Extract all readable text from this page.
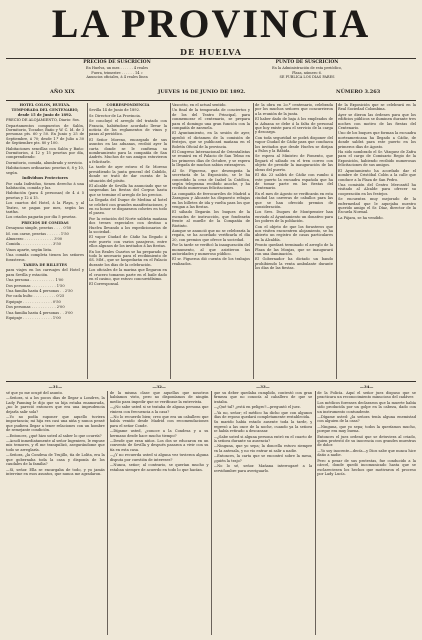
LA PROVINCIA
DE HUELVA
PRECIOS DE SUSCRICION
En Huelva, un mes . . . . . . 4 reales
Fuera, trimestre . . . . . . 14 »
Anuncios oficiales, á 4 reales línea
PUNTO DE SUSCRICION
En la Administración de esta periódico,
Plaza, número 6.
SE PUBLICA LOS DIAS PARES
AÑO XIX	JUEVES 16 DE JUNIO DE 1892.	NÚMERO 3.263

HOTEL COLON, HUELVA.

TEMPORADA DEL CENTENARIO, desde 15 de Junio de 1892.

PRECIO DE ALOJAMIENTO, Diario: 8os.

Departamentos compuestos de Salón, Dormitorio, Tocador, Baño y W. C. Id. de 3 personas pts. 60 y 50. En Junio y 25 de Septiembre, á 70; desde 1.º de Julio a 30 de Septiembre pts. 80 y 100.

Habitaciones sencillas con Salón y Baño: Dormitorios, á 12 y 15 pesetas por día, comprendiendo:

Dormitorio, comida, alumbrado y servicio.

Habitaciones ordinarias: pesetas 6, 8 y 10, según.

Individuos Protectores

Por cada Individuo, tienen derecho á una habitación, comida y luz.

Habitación (para 4 personas) de 4 á 5 pesetas y 12 á 15.

Los cuartos del Hotel, á la Playa, y al Teatro, se pagan por mes, según las tarifas.

Los criados pagarán por día 5 pesetas.

PRECIOS DE COMIDAS

Desayuno simple, pesetas . . . . 0'50

Id. con carne, pesetas . . . . . . 1'50

Almuerzo . . . . . . . . . . . . . 3'00

Comida . . . . . . . . . . . . . . 3'50

Vinos aparte, según lista.

Una comida completa tienen los señores forasteros.

TARIFA DE BILLETES

para viajes en los carruajes del Hotel y para Sevilla y estación.

Una persona . . . . . . . . . . . 1'00

Dos personas . . . . . . . . . . . 1'50

Una familia hasta 4 personas . . 2'50

Por cada bulto . . . . . . . . . . 0'25

Equipaje . . . . . . . . . . . . . 0'50

Dos personas . . . . . . . . . . . 2'00

Una familia hasta 4 personas . . 3'00

Equipaje . . . . . . . . . . . . . 1'00

CORRESPONDENCIA

Sevilla 14 de Junio de 1892.

Sr. Director de La Provincia.

Se concluyó el arreglo del tratado con Francia, habiéndose acordado llevar la noticia de los reglamentos de vinos y pasas al periódico.

El Señor Moreno, encargado de sus asuntos en las aduanas, recibió ayer la carta donde se le confirma su nombramiento para la compañía de San Andrés. Muchos de sus amigos estuvieron a felicitarle.

La tarde de ayer estuvo el Sr. Moreno presidiendo la junta general del Cabildo, donde se trató de dar cuenta de la situación del pósito.

El alcalde de Sevilla ha anunciado que se suspendan las fiestas del Corpus hasta que se termine el arreglo de los precios.

La llegada del Duque de Medina al hotel se celebró con grandes manifestaciones, y en su honor se dispararon cohetes en todo el paseo.

Por la estación del Norte saldrán mañana dos trenes especiales con destino a Huelva llevando a los expedicionarios de la sociedad.

El vapor Ciudad de Cádiz ha llegado á este puerto con varios pasajeros, entre ellos algunos de los invitados á las fiestas.

En los Reales Cuartos se ha preparado ya todo lo necesario para el recibimiento de SS. MM., que se hospedarán en el Palacio durante los días de la celebración.

Los oficiales de la marina que llegaron en el crucero tomaron parte en el baile dado en el casino, que estuvo concurridísimo.

El Corresponsal.

Vascotto, en el actual sentido.

Un final de la temporada de conciertos y de los del Teatro Principal, para conmemorar el centenario, se prepara para el domingo una gran función con la compañía de zarzuela.

El Ayuntamiento, en la sesión de ayer, aprobó el dictamen de la comisión de festejos, que se publicará mañana en el Boletín Oficial de la provincia.

El Congreso Internacional de Orientalistas se reunirá en el Palacio de San Telmo en los primeros días de Octubre, y se espera la llegada de muchos sabios extranjeros.

Al Sr. Figueroa, que desempeña la secretaría de la Exposición, se le ha concedido la cruz de Isabel la Católica, según telegrama recibido anoche, y ha recibido numerosas felicitaciones.

La compañía de ferrocarriles de Madrid a Zaragoza y Alicante ha dispuesto rebajas en los billetes de ida y vuelta para los que vengan a las fiestas.

El sábado llegarán los buques de la escuadra de instrucción, que fondearán frente al muelle de la Compañía de Riotinto.

Aunque se anunció que no se celebraría la regata, se ha acordado verificarla el día 20, con premios que ofrece la sociedad.

Por la tarde se verificó la inauguración del monumento, al que asistieron las autoridades y numeroso público.

El sr. Figueroa dió cuenta de los trabajos realizados.

de la obra en 2o.º centenario, celebrada por los muchos señores que concurrieron a la reunión de la junta.

El haber dado de baja á los empleados de la Aduana se debe á la falta de personal que hoy existe para el servicio de la carga y descarga.

Con toda seguridad se podrá disponer del vapor Ciudad de Cádiz para que conduzca los invitados que desde Huelva se dirijan a Palos y la Rábida.

Se espera al Ministro de Fomento, que llegará el sábado en el tren correo con objeto de presidir la inauguración de las obras del puerto.

El día 23 saldrá de Cádiz con rumbo á este puerto la escuadra española que ha de tomar parte en las fiestas del Centenario.

En el mes de Agosto se verificarán en esta ciudad las carreras de caballos para las que se han ofrecido premios de consideración.

Los Sres. Duques de Montpensier han enviado al Ayuntamiento un donativo para los pobres de la población.

Con el objeto de que los forasteros que nos visiten encuentren alojamiento, se ha abierto un registro de casas particulares en la Alcaldía.

Pronto quedará terminado el arreglo de la Plaza de las Monjas, que se inaugurará con una iluminación.

El Gobernador ha dictado un bando prohibiendo la venta ambulante durante los días de las fiestas.

de la Exposición que se celebrará en la Real Sociedad Colombina.

Ayer se dieron las órdenes para que los edificios públicos se iluminen durante tres noches con motivo de las fiestas del Centenario.

Uno de los buques que forman la escuadra norteamericana ha llegado a Cádiz, de donde saldrá para este puerto en los primeros días de Agosto.

Ha sido nombrado el Sr. Vázquez de Zafra para el cargo de Comisario Regio de la Exposición, habiendo recibido numerosas felicitaciones de sus amigos.

El Ayuntamiento ha acordado dar el nombre de Cristóbal Colón a la calle que conduce a la Plaza de San Pedro.

Una comisión del Centro Mercantil ha visitado al Alcalde para ofrecer su cooperación en los festejos.

Se encuentra muy mejorado de la enfermedad que le aquejaba nuestro querido amigo el Sr. Díaz, director de la Escuela Normal.

La Pájara, se ha vendido.

—31—

sé que yo me ocupé del asunto.

—Señora, si a los pocos días de llegar a Londres, la Lady Fanning le dijo que su hija estaba enamorada, ¿no le pareció entonces que era una imprudencia dejarla salir sola?

—Yo no podía suponer que aquello tuviera importancia; mi hija era casi una niña y nunca pensé que pudiera llegar a tener relaciones con un hombre de semejante condición.

—Entonces, ¿qué hizo usted al saber lo que ocurría?

—Acudí inmediatamente al señor Ingeniero, le expuse mis temores, y él me tranquilizó, asegurándome que todo se arreglaría.

—Señora, ¿la Condesa de Trujillo, tía de Lolita, era la que gobernaba toda la casa y disponía de los caudales de la familia?

—Sí, señor. Ella se encargaba de todo, y yo jamás intervine en esos asuntos, que nunca me agradaron.

—32—

de la misma clase que aquellas que nosotros habíamos visto, pero no disponíamos de ningún medio para impedir que se verificase la entrevista.

—¿No sabe usted si se trataba de alguna persona que viniera con frecuencia a la casa?

—No lo recuerdo bien; creo que era un caballero que había venido desde Madrid con recomendaciones para el señor Conde.

—Dígame usted, ¿conoce a la Condesa y a su hermano desde hace mucho tiempo?

—Desde que eran niños. Los dos se educaron en un convento de Sevilla y después pasaron a vivir con su tía en esta casa.

—¿Y no recuerda usted si alguna vez tuvieron alguna disputa por cuestión de intereses?

—Nunca, señor; al contrario, se querían mucho y estaban siempre de acuerdo en todo lo que hacían.

—33—

que su deber quedaba cumplido, contestó con gran firmeza que no conocía al caballero de que se trataba.

—¿Qué tal? ¿está en peligro?—preguntó el juez.

—Ya no, señor; el médico ha dicho que con algunos días de reposo quedará completamente restablecida.

Su marido había estado ausente toda la tarde, y regresó a las once de la noche, cuando ya la señora se había retirado a descansar.

—¿Sabe usted si alguna persona entró en el cuarto de la señora durante su ausencia?

—Ninguna, que yo sepa; la doncella estuvo siempre en la antesala, y no vio entrar ni salir a nadie.

—Entonces, la carta que se encontró sobre la mesa, ¿quién la trajo?

—No lo sé, señor. Mañana interrogaré a la servidumbre para averiguarlo.

—34—

de la Policía. Aquí el señor juez dispuso que se practicara un reconocimiento minucioso del cadáver.

Los médicos forenses declararon que la muerte había sido producida por un golpe en la cabeza, dado con un instrumento contundente.

—Dígame usted: ¿la señora tenía alguna enemistad con alguien de la casa?

—Ninguna, que yo sepa; todos la queríamos mucho, porque era muy buena.

Entonces el juez ordenó que se detuviera al criado, quien protestó de su inocencia con grandes muestras de dolor.

—Yo soy inocente—decía—y Dios sabe que nunca hice daño a nadie.

Pero a pesar de sus protestas, fue conducido a la cárcel, donde quedó incomunicado hasta que se esclareciesen los hechos que motivaron el proceso por Lady Lucía.
